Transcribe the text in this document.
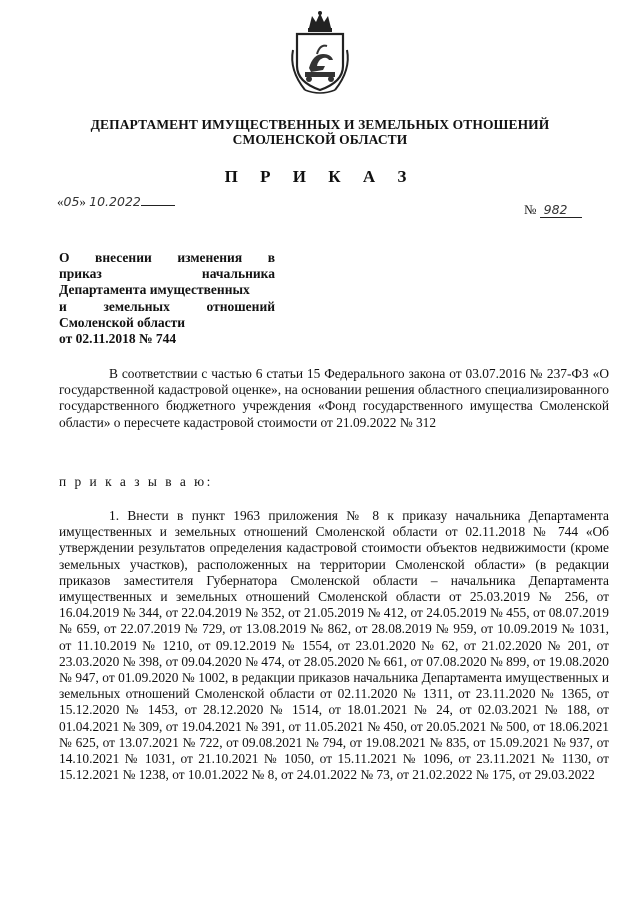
ДЕПАРТАМЕНТ ИМУЩЕСТВЕННЫХ И ЗЕМЕЛЬНЫХ ОТНОШЕНИЙ
СМОЛЕНСКОЙ ОБЛАСТИ
П Р И К А З
«05» 10.2022
№ 982
О внесении изменения в
приказ начальника
Департамента имущественных
и земельных отношений
Смоленской области
от 02.11.2018 № 744
В соответствии с частью 6 статьи 15 Федерального закона от 03.07.2016 № 237-ФЗ «О государственной кадастровой оценке», на основании решения областного специализированного государственного бюджетного учреждения «Фонд государственного имущества Смоленской области» о пересчете кадастровой стоимости от 21.09.2022 № 312
п р и к а з ы в а ю:
1. Внести в пункт 1963 приложения № 8 к приказу начальника Департамента имущественных и земельных отношений Смоленской области от 02.11.2018 № 744 «Об утверждении результатов определения кадастровой стоимости объектов недвижимости (кроме земельных участков), расположенных на территории Смоленской области» (в редакции приказов заместителя Губернатора Смоленской области – начальника Департамента имущественных и земельных отношений Смоленской области от 25.03.2019 № 256, от 16.04.2019 № 344, от 22.04.2019 № 352, от 21.05.2019 № 412, от 24.05.2019 № 455, от 08.07.2019 № 659, от 22.07.2019 № 729, от 13.08.2019 № 862, от 28.08.2019 № 959, от 10.09.2019 № 1031, от 11.10.2019 № 1210, от 09.12.2019 № 1554, от 23.01.2020 № 62, от 21.02.2020 № 201, от 23.03.2020 № 398, от 09.04.2020 № 474, от 28.05.2020 № 661, от 07.08.2020 № 899, от 19.08.2020 № 947, от 01.09.2020 № 1002, в редакции приказов начальника Департамента имущественных и земельных отношений Смоленской области от 02.11.2020 № 1311, от 23.11.2020 № 1365, от 15.12.2020 № 1453, от 28.12.2020 № 1514, от 18.01.2021 № 24, от 02.03.2021 № 188, от 01.04.2021 № 309, от 19.04.2021 № 391, от 11.05.2021 № 450, от 20.05.2021 № 500, от 18.06.2021 № 625, от 13.07.2021 № 722, от 09.08.2021 № 794, от 19.08.2021 № 835, от 15.09.2021 № 937, от 14.10.2021 № 1031, от 21.10.2021 № 1050, от 15.11.2021 № 1096, от 23.11.2021 № 1130, от 15.12.2021 № 1238, от 10.01.2022 № 8, от 24.01.2022 № 73, от 21.02.2022 № 175, от 29.03.2022
